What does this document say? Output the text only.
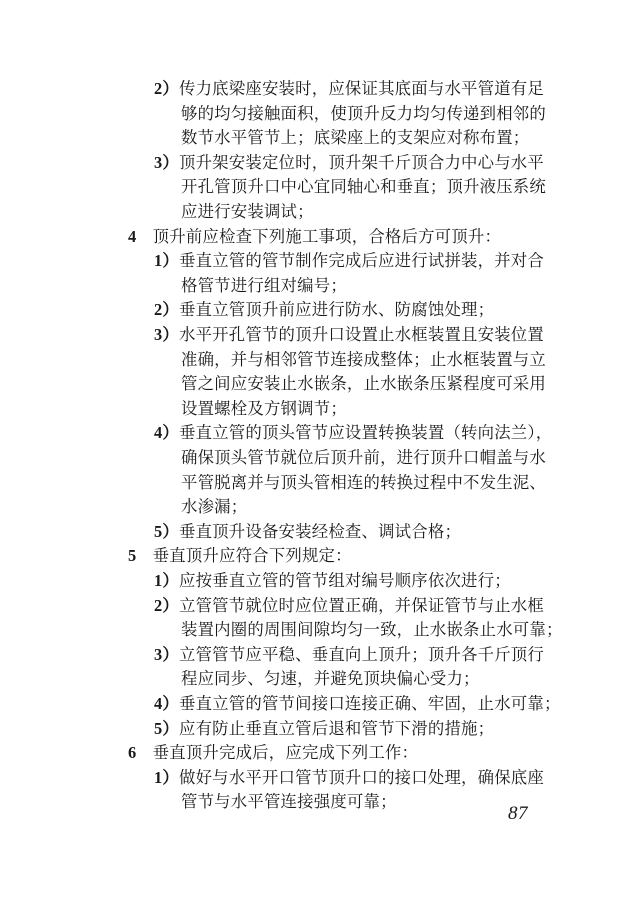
2）传力底梁座安装时，应保证其底面与水平管道有足
够的均匀接触面积，使顶升反力均匀传递到相邻的
数节水平管节上；底梁座上的支架应对称布置；
3）顶升架安装定位时，顶升架千斤顶合力中心与水平
开孔管顶升口中心宜同轴心和垂直；顶升液压系统
应进行安装调试；
4 顶升前应检查下列施工事项，合格后方可顶升：
1）垂直立管的管节制作完成后应进行试拼装，并对合
格管节进行组对编号；
2）垂直立管顶升前应进行防水、防腐蚀处理；
3）水平开孔管节的顶升口设置止水框装置且安装位置
准确，并与相邻管节连接成整体；止水框装置与立
管之间应安装止水嵌条，止水嵌条压紧程度可采用
设置螺栓及方钢调节；
4）垂直立管的顶头管节应设置转换装置（转向法兰），
确保顶头管节就位后顶升前，进行顶升口帽盖与水
平管脱离并与顶头管相连的转换过程中不发生泥、
水渗漏；
5）垂直顶升设备安装经检查、调试合格；
5 垂直顶升应符合下列规定：
1）应按垂直立管的管节组对编号顺序依次进行；
2）立管管节就位时应位置正确，并保证管节与止水框
装置内圈的周围间隙均匀一致，止水嵌条止水可靠；
3）立管管节应平稳、垂直向上顶升；顶升各千斤顶行
程应同步、匀速，并避免顶块偏心受力；
4）垂直立管的管节间接口连接正确、牢固，止水可靠；
5）应有防止垂直立管后退和管节下滑的措施；
6 垂直顶升完成后，应完成下列工作：
1）做好与水平开口管节顶升口的接口处理，确保底座
管节与水平管连接强度可靠；
87
